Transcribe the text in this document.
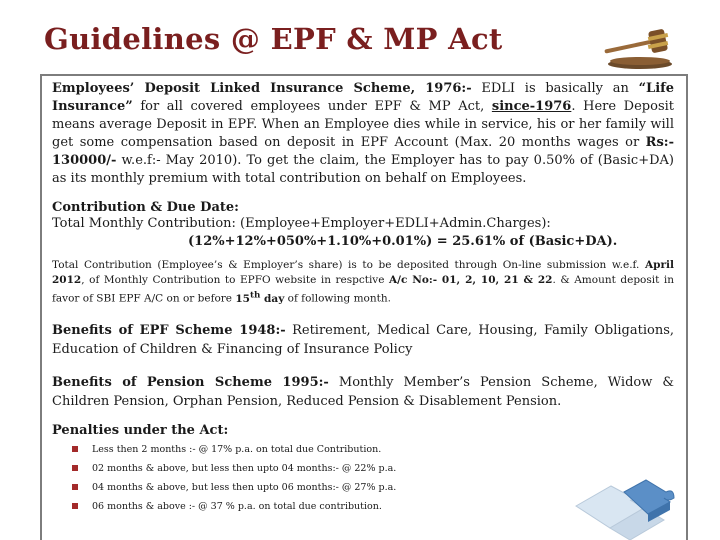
Guidelines @ EPF & MP Act

Employees’ Deposit Linked Insurance Scheme, 1976:- EDLI is basically an “Life Insurance” for all covered employees under EPF & MP Act, since-1976. Here Deposit means average Deposit in EPF. When an Employee dies while in service, his or her family will get some compensation based on deposit in EPF Account (Max. 20 months wages or Rs:- 130000/- w.e.f:- May 2010). To get the claim, the Employer has to pay 0.50% of (Basic+DA) as its monthly premium with total contribution on behalf on Employees.

Contribution & Due Date:

Total Monthly Contribution: (Employee+Employer+EDLI+Admin.Charges):

(12%+12%+050%+1.10%+0.01%) = 25.61% of (Basic+DA).

Total Contribution (Employee’s & Employer’s share) is to be deposited through On-line submission w.e.f. April 2012, of Monthly Contribution to EPFO website in respctive A/c No:- 01, 2, 10, 21 & 22. & Amount deposit in favor of SBI EPF A/C on or before 15th day of following month.

Benefits of EPF Scheme 1948:- Retirement, Medical Care, Housing, Family Obligations, Education of Children & Financing of Insurance Policy

Benefits of Pension Scheme 1995:- Monthly Member’s Pension Scheme, Widow & Children Pension, Orphan Pension, Reduced Pension & Disablement Pension.

Penalties under the Act:

Less then 2 months :- @ 17% p.a. on total due Contribution.
02 months & above, but less then upto 04 months:- @ 22% p.a.
04 months & above, but less then upto 06 months:- @ 27% p.a.
06 months & above :- @ 37 % p.a. on total due contribution.
